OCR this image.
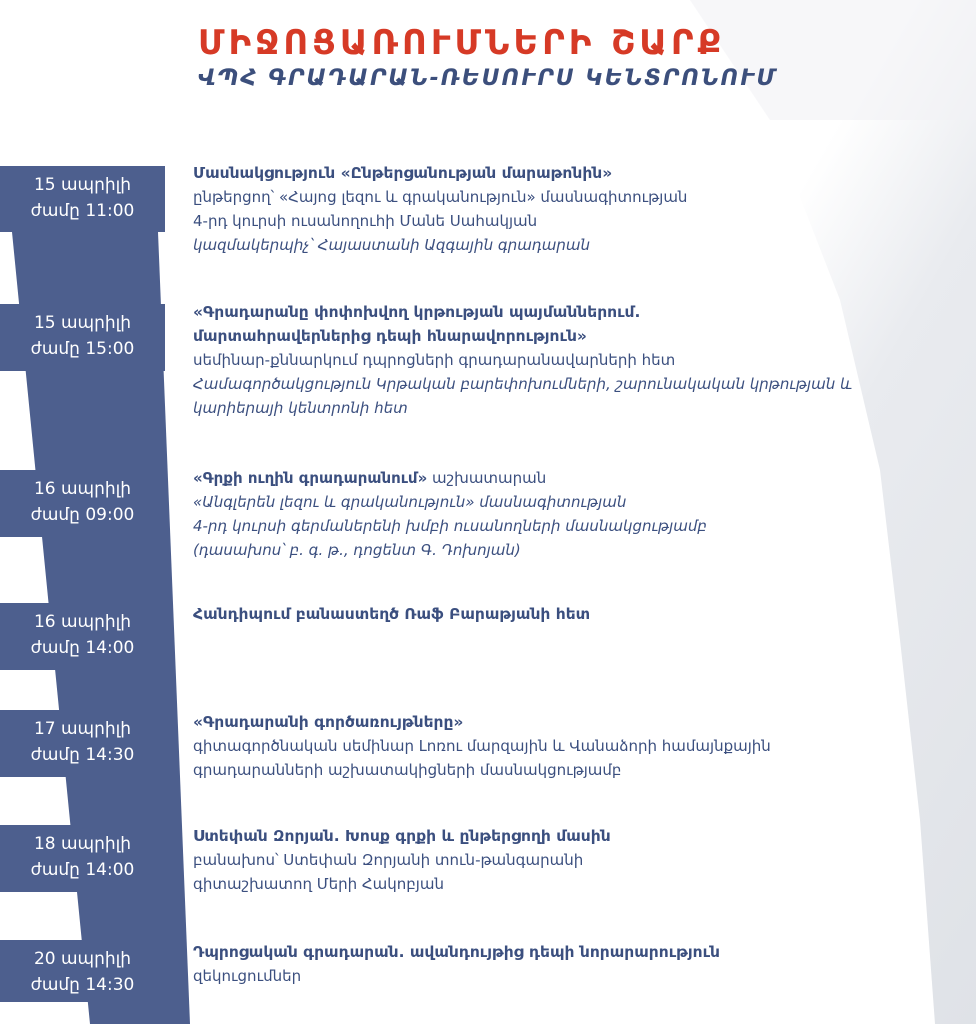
ՄԻՋՈՑԱՌՈՒՄՆԵՐԻ ՇԱՐՔ
ՎՊՀ ԳՐԱԴԱՐԱՆ-ՌԵՍՈՒՐՍ ԿԵՆՏՐՈՆՈՒՄ
15 ապրիլի
ժամը 11:00
Մասնակցություն «Ընթերցանության մարաթոնին»
ընթերցող՝ «Հայոց լեզու և գրականություն» մասնագիտության
4-րդ կուրսի ուսանողուհի Մանե Սահակյան
կազմակերպիչ՝ Հայաստանի Ազգային գրադարան
15 ապրիլի
ժամը 15:00
«Գրադարանը փոփոխվող կրթության պայմաններում.
մարտահրավերներից դեպի հնարավորություն»
սեմինար-քննարկում դպրոցների գրադարանավարների հետ
Համագործակցություն Կրթական բարեփոխումների, շարունակական կրթության և
կարիերայի կենտրոնի հետ
16 ապրիլի
ժամը 09:00
«Գրքի ուղին գրադարանում» աշխատարան
«Անգլերեն լեզու և գրականություն» մասնագիտության
4-րդ կուրսի գերմաներենի խմբի ուսանողների մասնակցությամբ
(դասախոս՝ բ. գ. թ., դոցենտ Գ. Դոխոյան)
16 ապրիլի
ժամը 14:00
Հանդիպում բանաստեղծ Ռաֆ Բարաթյանի հետ
17 ապրիլի
ժամը 14:30
«Գրադարանի գործառույթները»
գիտագործնական սեմինար Լոռու մարզային և Վանաձորի համայնքային
գրադարանների աշխատակիցների մասնակցությամբ
18 ապրիլի
ժամը 14:00
Ստեփան Զորյան. Խոսք գրքի և ընթերցողի մասին
բանախոս՝ Ստեփան Զորյանի տուն-թանգարանի
գիտաշխատող Մերի Հակոբյան
20 ապրիլի
ժամը 14:30
Դպրոցական գրադարան. ավանդույթից դեպի նորարարություն
զեկուցումներ
